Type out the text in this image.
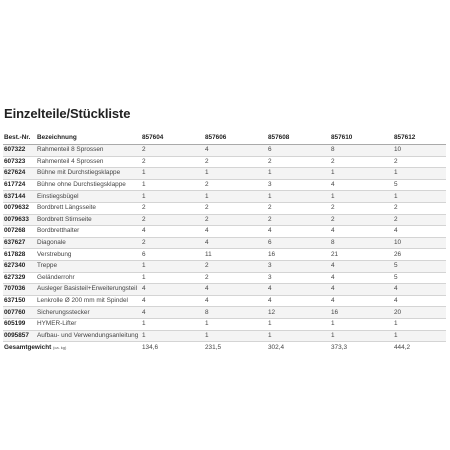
Einzelteile/Stückliste
Best.-Nr.	Bezeichnung	857604	857606	857608	857610	857612
607322	Rahmenteil 8 Sprossen	2	4	6	8	10
607323	Rahmenteil 4 Sprossen	2	2	2	2	2
627624	Bühne mit Durchstiegsklappe	1	1	1	1	1
617724	Bühne ohne Durchstiegsklappe	1	2	3	4	5
637144	Einstiegsbügel	1	1	1	1	1
0079632	Bordbrett Längsseite	2	2	2	2	2
0079633	Bordbrett Stirnseite	2	2	2	2	2
007268	Bordbretthalter	4	4	4	4	4
637627	Diagonale	2	4	6	8	10
617828	Verstrebung	6	11	16	21	26
627340	Treppe	1	2	3	4	5
627329	Geländerrohr	1	2	3	4	5
707036	Ausleger Basisteil+Erweiterungsteil	4	4	4	4	4
637150	Lenkrolle Ø 200 mm mit Spindel	4	4	4	4	4
007760	Sicherungsstecker	4	8	12	16	20
605199	HYMER-Lifter	1	1	1	1	1
0095857	Aufbau- und Verwendungsanleitung	1	1	1	1	1
Gesamtgewicht (ca. kg)		134,6	231,5	302,4	373,3	444,2
